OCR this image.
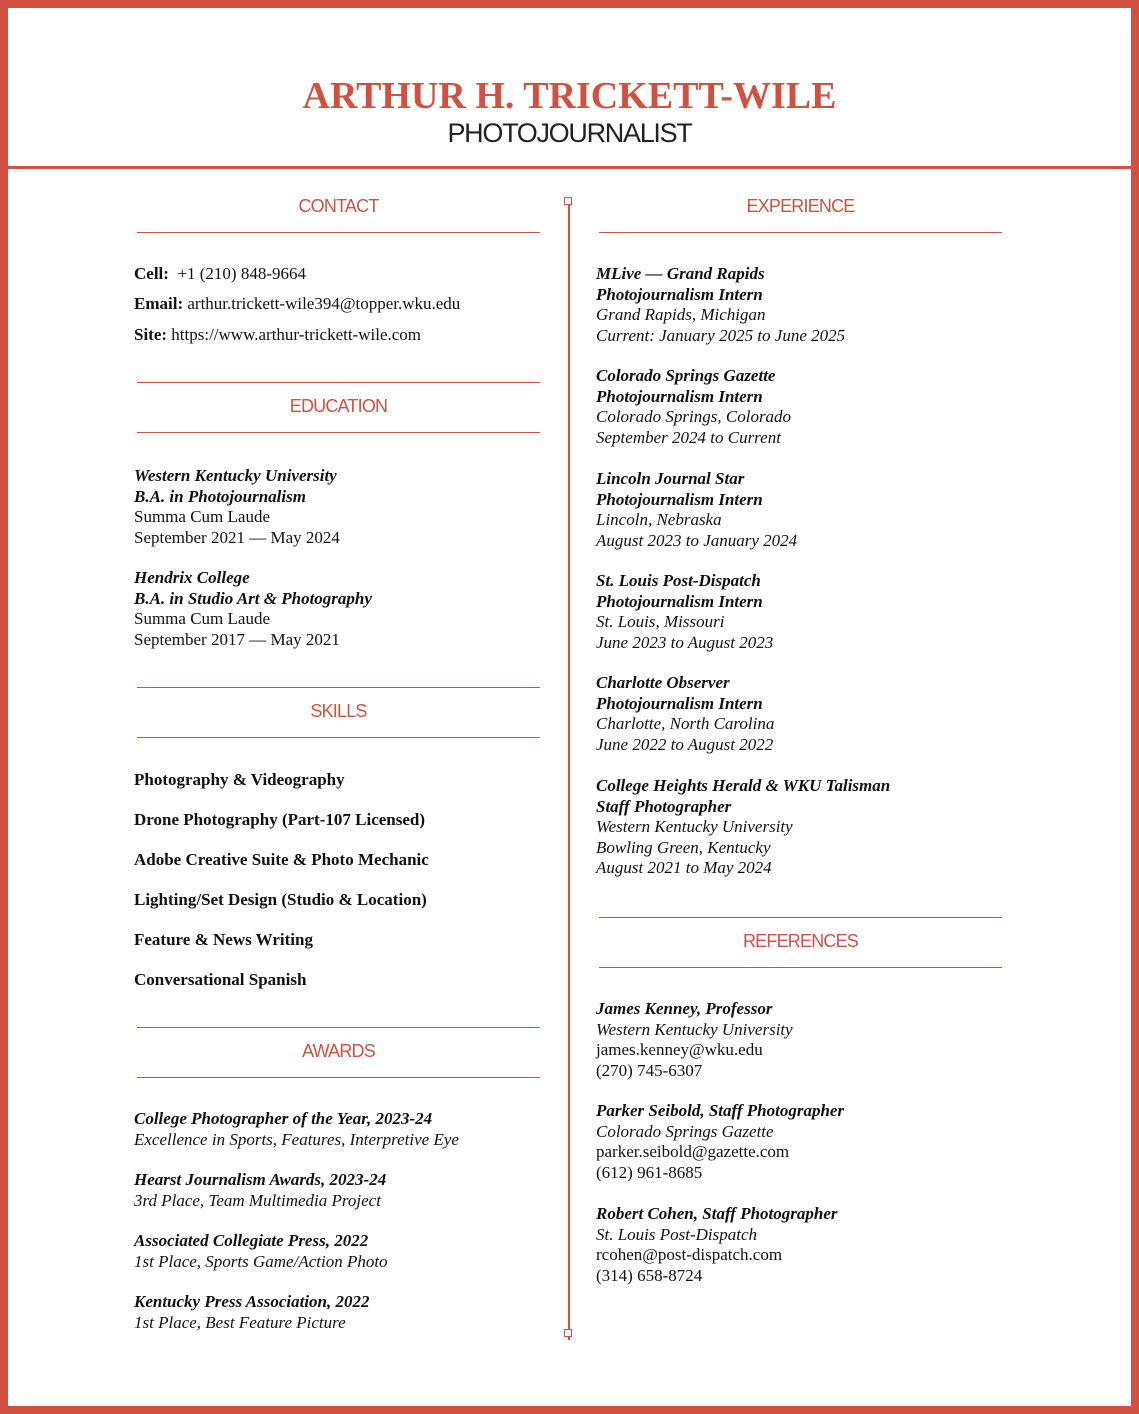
ARTHUR H. TRICKETT-WILE
PHOTOJOURNALIST
CONTACT
Cell: +1 (210) 848-9664
Email: arthur.trickett-wile394@topper.wku.edu
Site: https://www.arthur-trickett-wile.com
EDUCATION
Western Kentucky University
B.A. in Photojournalism
Summa Cum Laude
September 2021 — May 2024
Hendrix College
B.A. in Studio Art & Photography
Summa Cum Laude
September 2017 — May 2021
SKILLS
Photography & Videography
Drone Photography (Part-107 Licensed)
Adobe Creative Suite & Photo Mechanic
Lighting/Set Design (Studio & Location)
Feature & News Writing
Conversational Spanish
AWARDS
College Photographer of the Year, 2023-24
Excellence in Sports, Features, Interpretive Eye
Hearst Journalism Awards, 2023-24
3rd Place, Team Multimedia Project
Associated Collegiate Press, 2022
1st Place, Sports Game/Action Photo
Kentucky Press Association, 2022
1st Place, Best Feature Picture
EXPERIENCE
MLive — Grand Rapids
Photojournalism Intern
Grand Rapids, Michigan
Current: January 2025 to June 2025
Colorado Springs Gazette
Photojournalism Intern
Colorado Springs, Colorado
September 2024 to Current
Lincoln Journal Star
Photojournalism Intern
Lincoln, Nebraska
August 2023 to January 2024
St. Louis Post-Dispatch
Photojournalism Intern
St. Louis, Missouri
June 2023 to August 2023
Charlotte Observer
Photojournalism Intern
Charlotte, North Carolina
June 2022 to August 2022
College Heights Herald & WKU Talisman
Staff Photographer
Western Kentucky University
Bowling Green, Kentucky
August 2021 to May 2024
REFERENCES
James Kenney, Professor
Western Kentucky University
james.kenney@wku.edu
(270) 745-6307
Parker Seibold, Staff Photographer
Colorado Springs Gazette
parker.seibold@gazette.com
(612) 961-8685
Robert Cohen, Staff Photographer
St. Louis Post-Dispatch
rcohen@post-dispatch.com
(314) 658-8724
